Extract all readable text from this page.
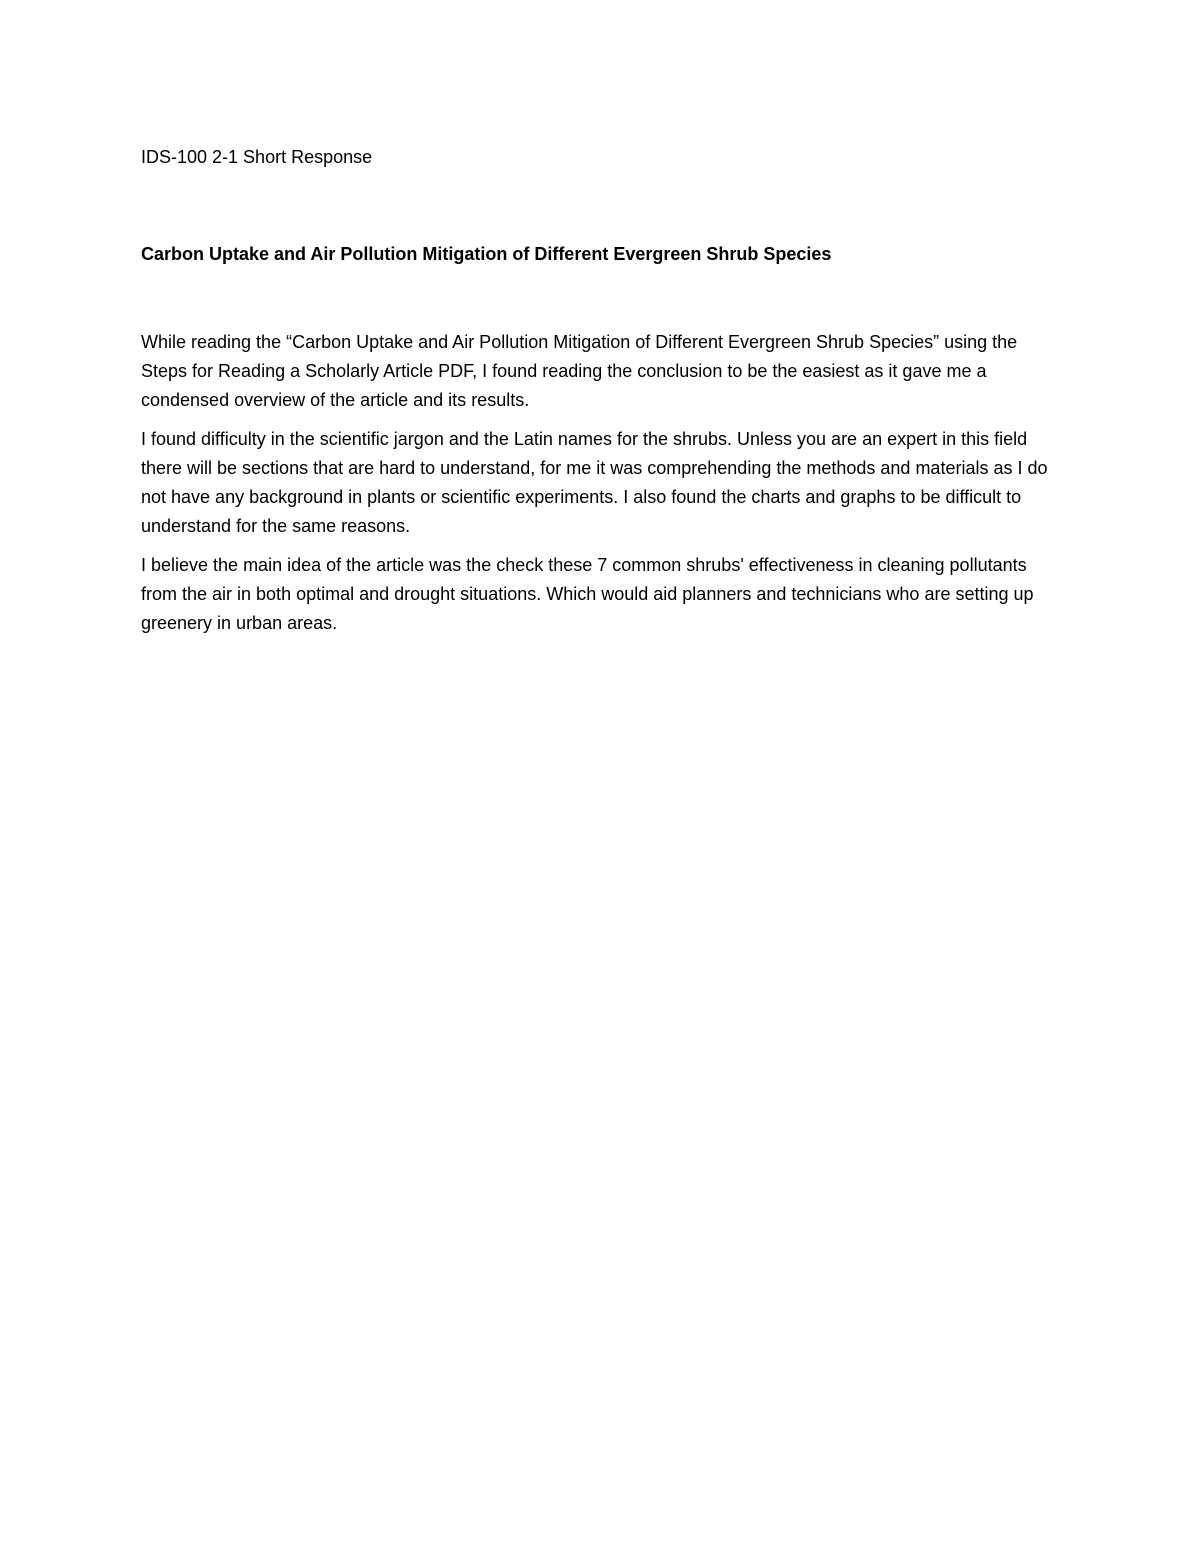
IDS-100 2-1 Short Response

Carbon Uptake and Air Pollution Mitigation of Different Evergreen Shrub Species

While reading the “Carbon Uptake and Air Pollution Mitigation of Different Evergreen Shrub Species” using the Steps for Reading a Scholarly Article PDF, I found reading the conclusion to be the easiest as it gave me a condensed overview of the article and its results.

I found difficulty in the scientific jargon and the Latin names for the shrubs. Unless you are an expert in this field there will be sections that are hard to understand, for me it was comprehending the methods and materials as I do not have any background in plants or scientific experiments. I also found the charts and graphs to be difficult to understand for the same reasons.

I believe the main idea of the article was the check these 7 common shrubs' effectiveness in cleaning pollutants from the air in both optimal and drought situations. Which would aid planners and technicians who are setting up greenery in urban areas.
